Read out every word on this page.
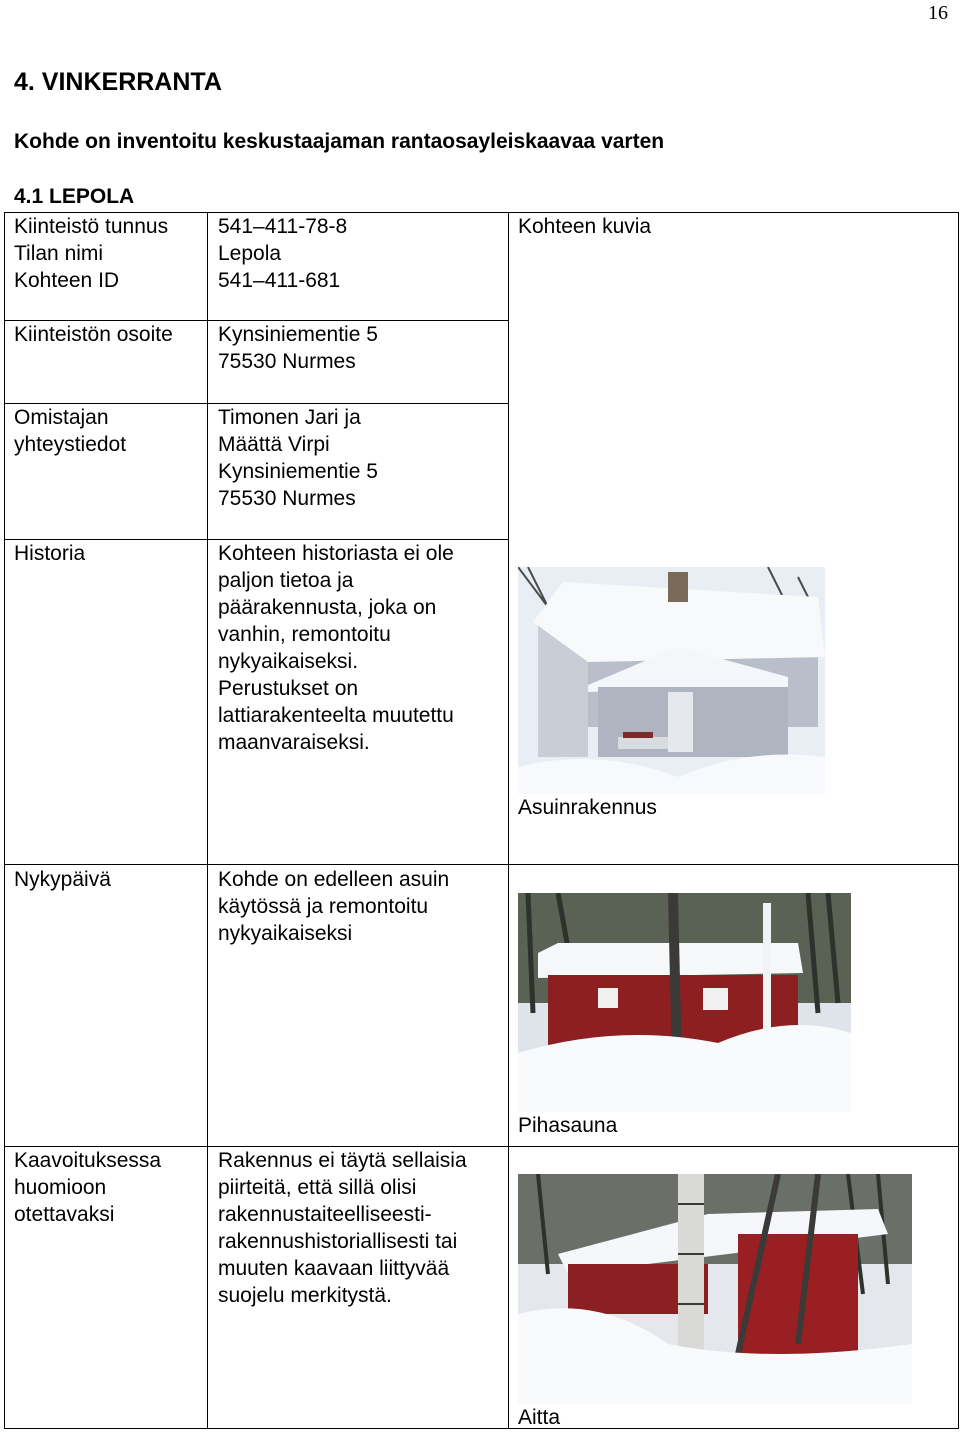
16
4. VINKERRANTA
Kohde on inventoitu keskustaajaman rantaosayleiskaavaa varten
4.1 LEPOLA
Kiinteistö tunnus
Tilan nimi
Kohteen ID
Kiinteistön osoite
Omistajan
yhteystiedot
Historia
Nykypäivä
Kaavoituksessa
huomioon
otettavaksi
541–411-78-8
Lepola
541–411-681
Kynsiniementie 5
75530 Nurmes
Timonen Jari ja
Määttä Virpi
Kynsiniementie 5
75530 Nurmes
Kohteen historiasta ei ole
paljon tietoa ja
päärakennusta, joka on
vanhin, remontoitu
nykyaikaiseksi.
Perustukset on
lattiarakenteelta muutettu
maanvaraiseksi.
Kohde on edelleen asuin
käytössä ja remontoitu
nykyaikaiseksi
Rakennus ei täytä sellaisia
piirteitä, että sillä olisi
rakennustaiteelliseesti-
rakennushistoriallisesti tai
muuten kaavaan liittyvää
suojelu merkitystä.
Kohteen kuvia
Asuinrakennus
Pihasauna
Aitta
